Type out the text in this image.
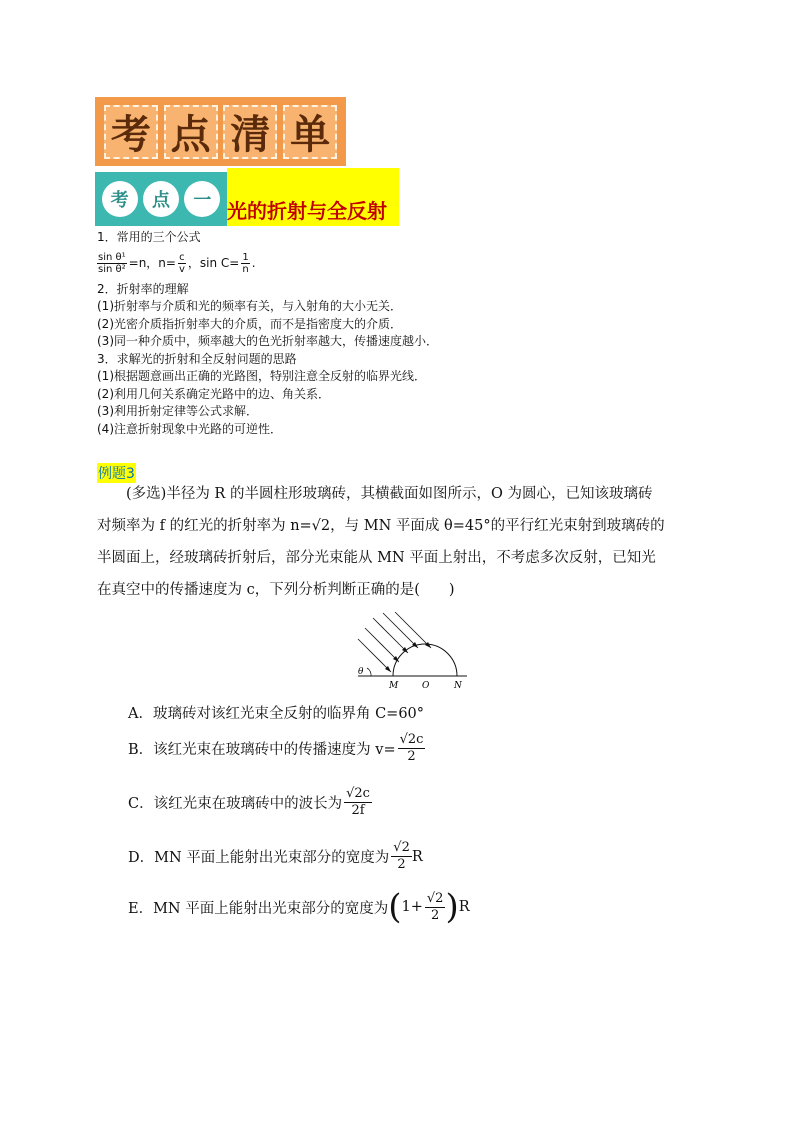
考 点 清 单
考	点	一 光的折射与全反射
1．常用的三个公式
$\frac{\text{sin θ¹}}{\text{sin θ²}} =n$，$n= \frac{c}{v}$ ，$\sin C= \frac{1}{n}$ .
2．折射率的理解
(1)折射率与介质和光的频率有关，与入射角的大小无关．
(2)光密介质指折射率大的介质，而不是指密度大的介质．
(3)同一种介质中，频率越大的色光折射率越大，传播速度越小．
3．求解光的折射和全反射问题的思路
(1)根据题意画出正确的光路图，特别注意全反射的临界光线．
(2)利用几何关系确定光路中的边、角关系．
(3)利用折射定律等公式求解．
(4)注意折射现象中光路的可逆性．
例题3
(多选)半径为 R 的半圆柱形玻璃砖，其横截面如图所示，O 为圆心，已知该玻璃砖
对频率为 f 的红光的折射率为 n=√2，与 MN 平面成 θ=45°的平行红光束射到玻璃砖的
半圆面上，经玻璃砖折射后，部分光束能从 MN 平面上射出，不考虑多次反射，已知光
在真空中的传播速度为 c，下列分析判断正确的是(　　)
θ
M	O	N
A．玻璃砖对该红光束全反射的临界角 C=60°
B．该红光束在玻璃砖中的传播速度为 $v= \frac{√2c}{2}$
C．该红光束在玻璃砖中的波长为 $\frac{√2c}{2f}$
D．MN 平面上能射出光束部分的宽度为 $\frac{√2}{2}$ R
E．MN 平面上能射出光束部分的宽度为 ( $1+ \frac{√2}{2}$ ) R
